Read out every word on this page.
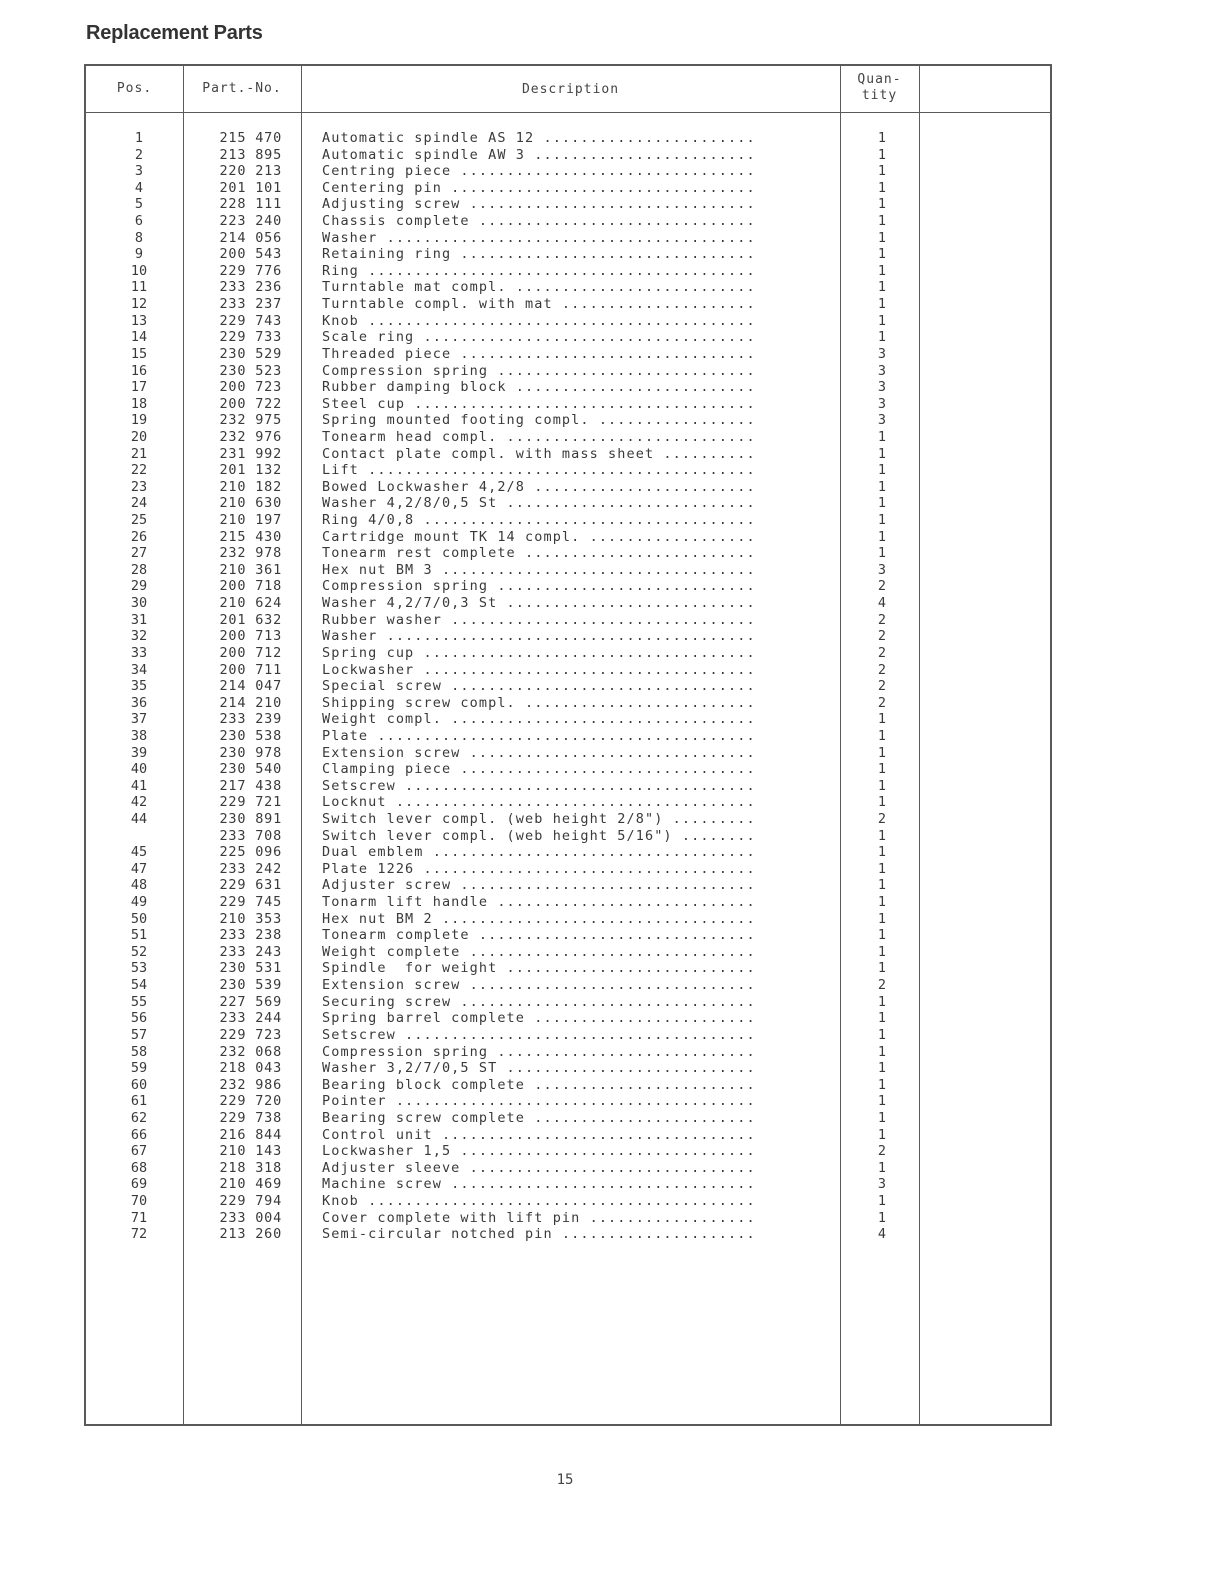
Replacement Parts
Pos.	Part.-No.	Description
Quan-
tity
1	215 470	Automatic spindle AS 12 .......................	1
2	213 895	Automatic spindle AW 3 ........................	1
3	220 213	Centring piece ................................	1
4	201 101	Centering pin .................................	1
5	228 111	Adjusting screw ...............................	1
6	223 240	Chassis complete ..............................	1
8	214 056	Washer ........................................	1
9	200 543	Retaining ring ................................	1
10	229 776	Ring ..........................................	1
11	233 236	Turntable mat compl. ..........................	1
12	233 237	Turntable compl. with mat .....................	1
13	229 743	Knob ..........................................	1
14	229 733	Scale ring ....................................	1
15	230 529	Threaded piece ................................	3
16	230 523	Compression spring ............................	3
17	200 723	Rubber damping block ..........................	3
18	200 722	Steel cup .....................................	3
19	232 975	Spring mounted footing compl. .................	3
20	232 976	Tonearm head compl. ...........................	1
21	231 992	Contact plate compl. with mass sheet ..........	1
22	201 132	Lift ..........................................	1
23	210 182	Bowed Lockwasher 4,2/8 ........................	1
24	210 630	Washer 4,2/8/0,5 St ...........................	1
25	210 197	Ring 4/0,8 ....................................	1
26	215 430	Cartridge mount TK 14 compl. ..................	1
27	232 978	Tonearm rest complete .........................	1
28	210 361	Hex nut BM 3 ..................................	3
29	200 718	Compression spring ............................	2
30	210 624	Washer 4,2/7/0,3 St ...........................	4
31	201 632	Rubber washer .................................	2
32	200 713	Washer ........................................	2
33	200 712	Spring cup ....................................	2
34	200 711	Lockwasher ....................................	2
35	214 047	Special screw .................................	2
36	214 210	Shipping screw compl. .........................	2
37	233 239	Weight compl. .................................	1
38	230 538	Plate .........................................	1
39	230 978	Extension screw ...............................	1
40	230 540	Clamping piece ................................	1
41	217 438	Setscrew ......................................	1
42	229 721	Locknut .......................................	1
44	230 891	Switch lever compl. (web height 2/8") .........	2
233 708	Switch lever compl. (web height 5/16") ........	1
45	225 096	Dual emblem ...................................	1
47	233 242	Plate 1226 ....................................	1
48	229 631	Adjuster screw ................................	1
49	229 745	Tonarm lift handle ............................	1
50	210 353	Hex nut BM 2 ..................................	1
51	233 238	Tonearm complete ..............................	1
52	233 243	Weight complete ...............................	1
53	230 531	Spindle  for weight ...........................	1
54	230 539	Extension screw ...............................	2
55	227 569	Securing screw ................................	1
56	233 244	Spring barrel complete ........................	1
57	229 723	Setscrew ......................................	1
58	232 068	Compression spring ............................	1
59	218 043	Washer 3,2/7/0,5 ST ...........................	1
60	232 986	Bearing block complete ........................	1
61	229 720	Pointer .......................................	1
62	229 738	Bearing screw complete ........................	1
66	216 844	Control unit ..................................	1
67	210 143	Lockwasher 1,5 ................................	2
68	218 318	Adjuster sleeve ...............................	1
69	210 469	Machine screw .................................	3
70	229 794	Knob ..........................................	1
71	233 004	Cover complete with lift pin ..................	1
72	213 260	Semi-circular notched pin .....................	4
15
